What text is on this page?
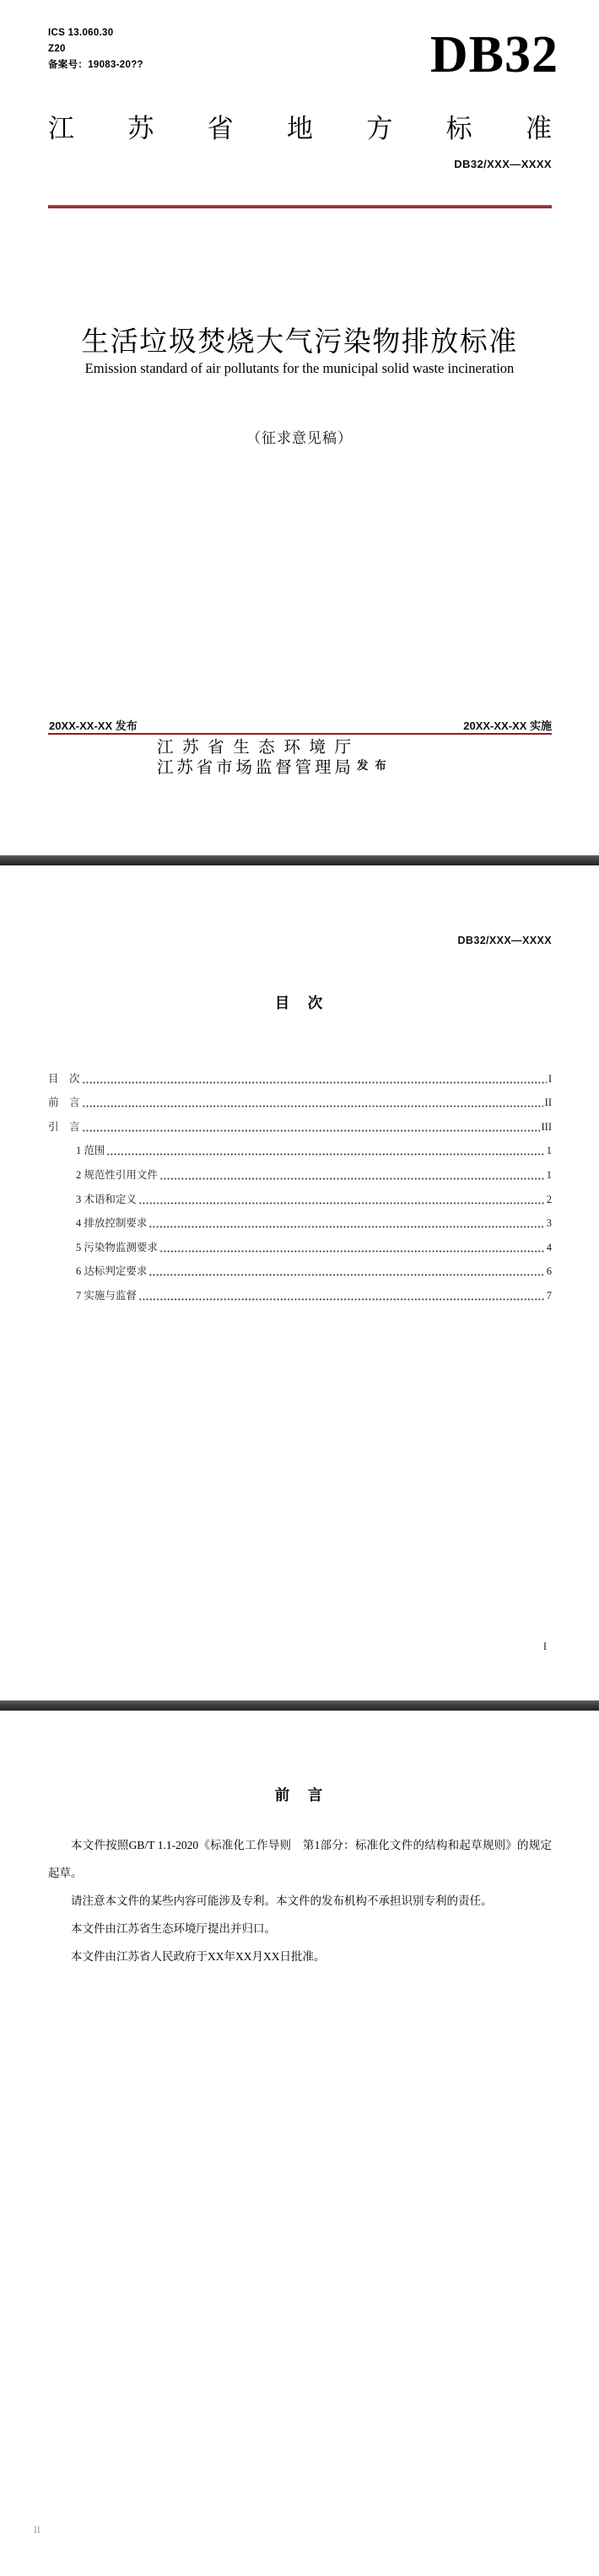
ICS 13.060.30
Z20
备案号：19083-20??	DB32
江 苏 省 地 方 标 准
DB32/XXX—XXXX
生活垃圾焚烧大气污染物排放标准
Emission standard of air pollutants for the municipal solid waste incineration
（征求意见稿）
20XX-XX-XX 发布	20XX-XX-XX 实施
江 苏 省 生 态 环 境 厅
江 苏 省 市 场 监 督 管 理 局 发 布
DB32/XXX—XXXX
目　次
目　次	I
前　言	II
引　言	III
1 范围	1
2 规范性引用文件	1
3 术语和定义	2
4 排放控制要求	3
5 污染物监测要求	4
6 达标判定要求	6
7 实施与监督	7
I
前　言

本文件按照GB/T 1.1-2020《标准化工作导则　第1部分：标准化文件的结构和起草规则》的规定起草。

请注意本文件的某些内容可能涉及专利。本文件的发布机构不承担识别专利的责任。

本文件由江苏省生态环境厅提出并归口。

本文件由江苏省人民政府于XX年XX月XX日批准。

II
